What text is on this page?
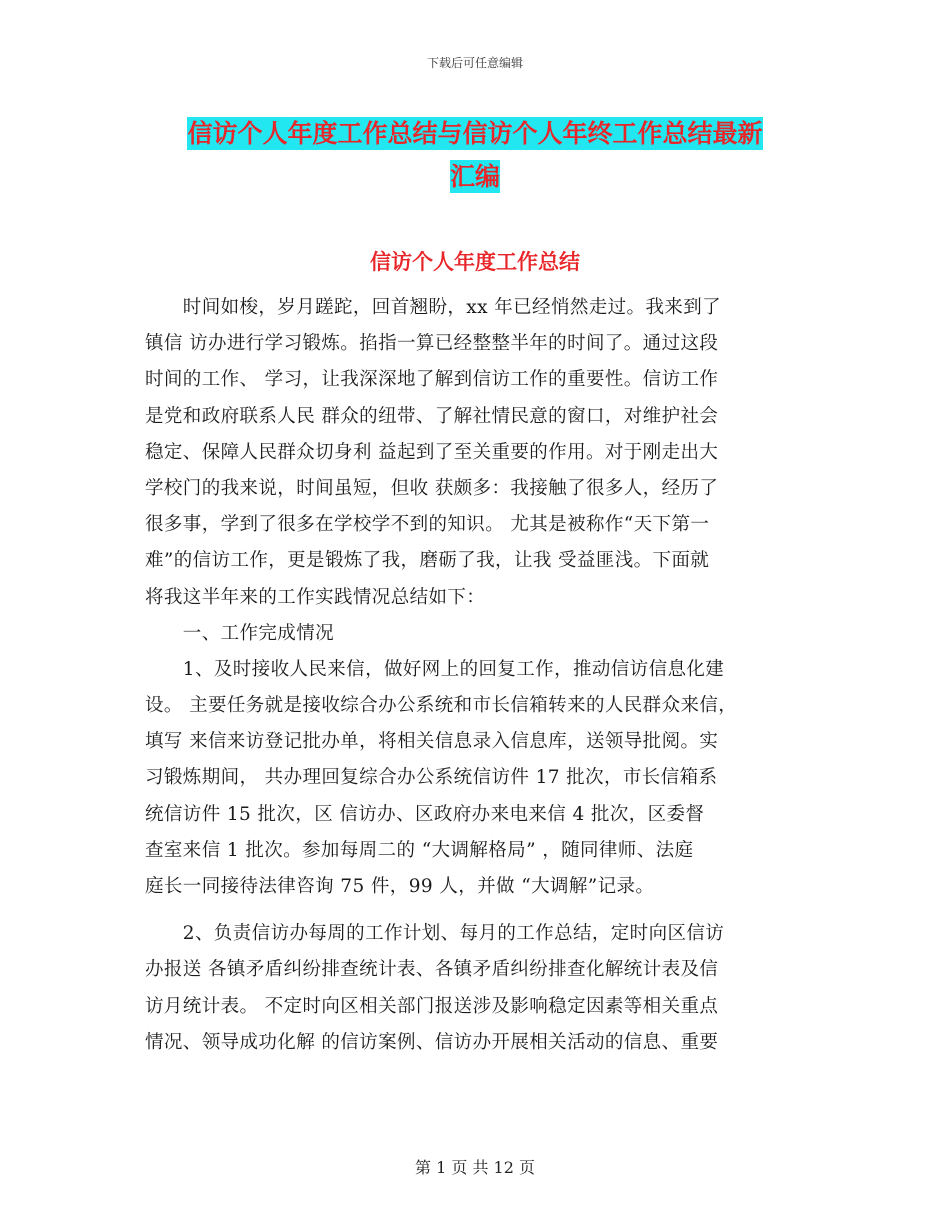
下载后可任意编辑
信访个人年度工作总结与信访个人年终工作总结最新
汇编
信访个人年度工作总结
　　时间如梭，岁月蹉跎，回首翘盼，xx 年已经悄然走过。我来到了
镇信 访办进行学习锻炼。掐指一算已经整整半年的时间了。通过这段
时间的工作、 学习，让我深深地了解到信访工作的重要性。信访工作
是党和政府联系人民 群众的纽带、了解社情民意的窗口，对维护社会
稳定、保障人民群众切身利 益起到了至关重要的作用。对于刚走出大
学校门的我来说，时间虽短，但收 获颇多：我接触了很多人，经历了
很多事，学到了很多在学校学不到的知识。 尤其是被称作“天下第一
难”的信访工作，更是锻炼了我，磨砺了我，让我 受益匪浅。下面就
将我这半年来的工作实践情况总结如下：
　　一、工作完成情况
　　1、及时接收人民来信，做好网上的回复工作，推动信访信息化建
设。 主要任务就是接收综合办公系统和市长信箱转来的人民群众来信，
填写 来信来访登记批办单，将相关信息录入信息库，送领导批阅。实
习锻炼期间， 共办理回复综合办公系统信访件 17 批次，市长信箱系
统信访件 15 批次，区 信访办、区政府办来电来信 4 批次，区委督
查室来信 1 批次。参加每周二的 “大调解格局” ，随同律师、法庭
庭长一同接待法律咨询 75 件，99 人，并做 “大调解”记录。
　　2、负责信访办每周的工作计划、每月的工作总结，定时向区信访
办报送 各镇矛盾纠纷排查统计表、各镇矛盾纠纷排查化解统计表及信
访月统计表。 不定时向区相关部门报送涉及影响稳定因素等相关重点
情况、领导成功化解 的信访案例、信访办开展相关活动的信息、重要
第 1 页 共 12 页
